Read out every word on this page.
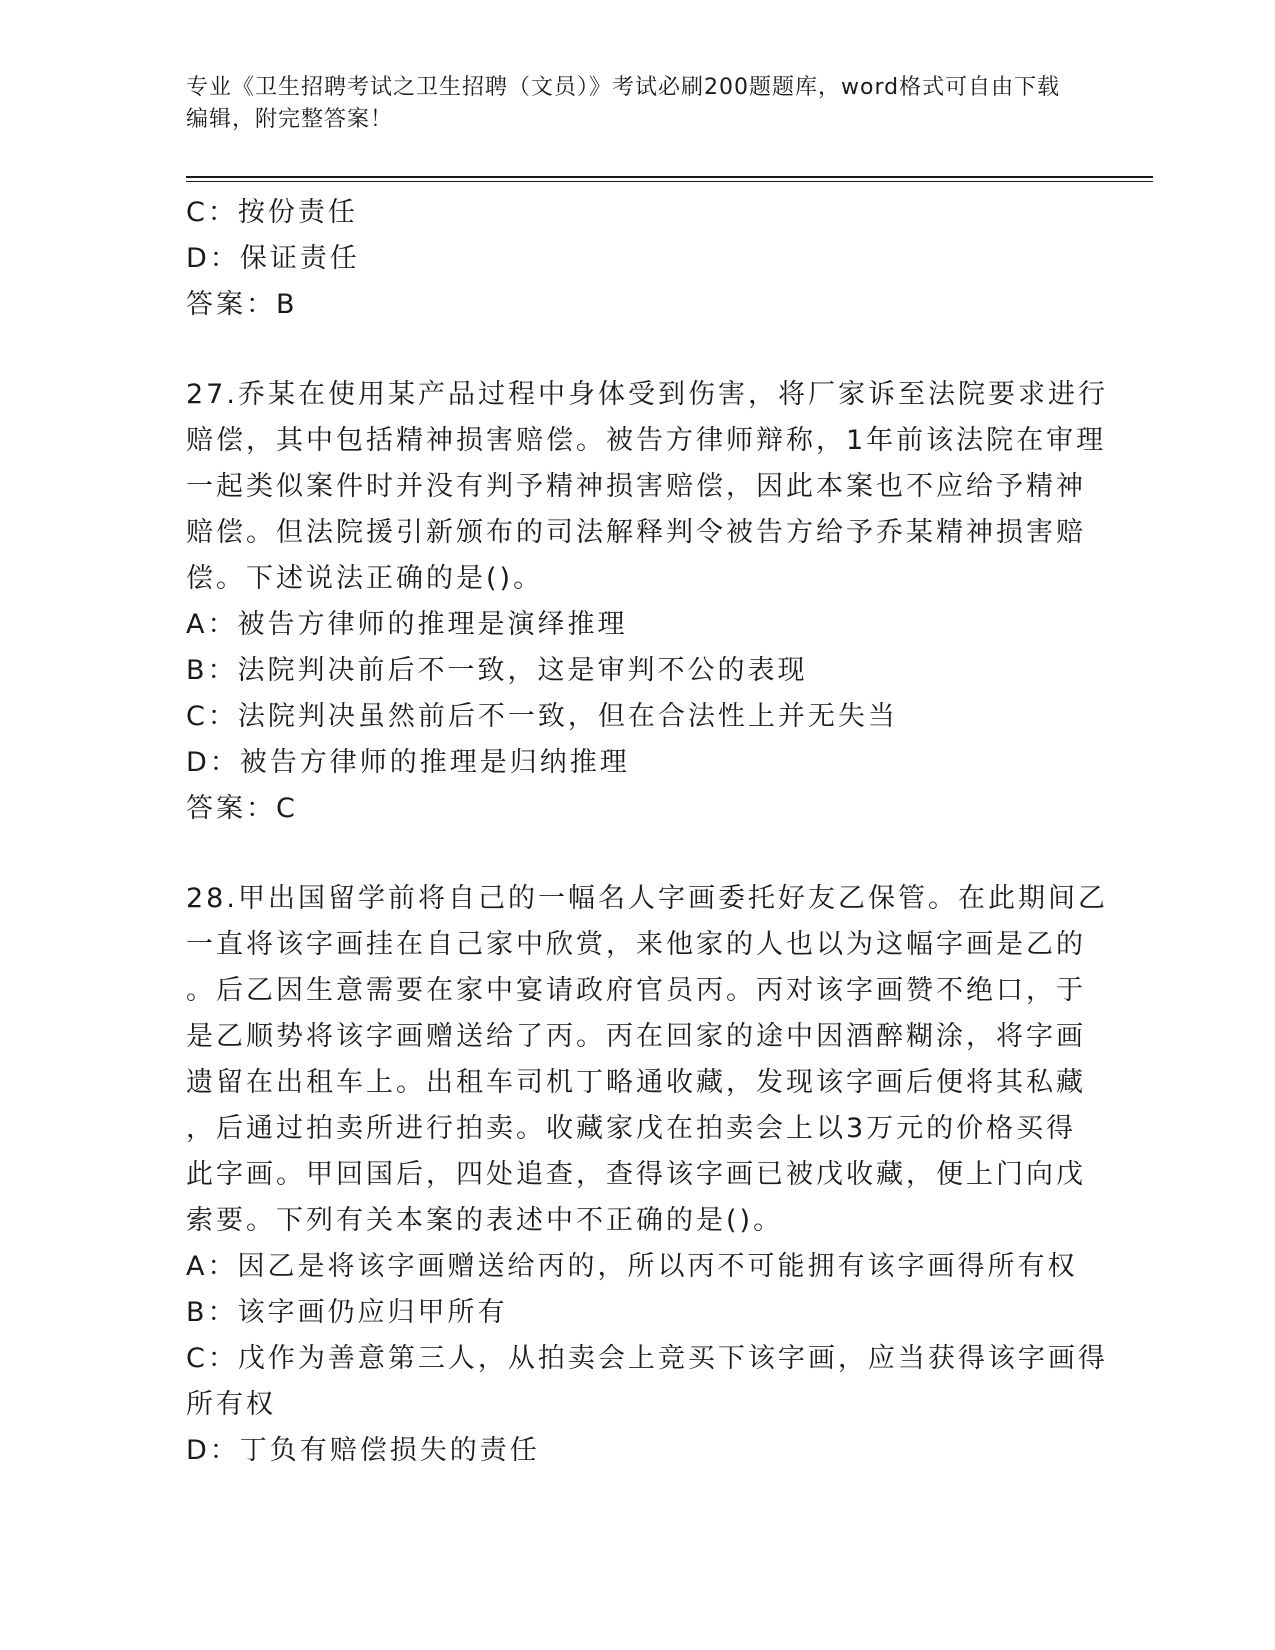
专业《卫生招聘考试之卫生招聘（文员）》考试必刷200题题库，word格式可自由下载编辑，附完整答案！
C：按份责任
D：保证责任
答案：B
27.乔某在使用某产品过程中身体受到伤害，将厂家诉至法院要求进行
赔偿，其中包括精神损害赔偿。被告方律师辩称，1年前该法院在审理
一起类似案件时并没有判予精神损害赔偿，因此本案也不应给予精神
赔偿。但法院援引新颁布的司法解释判令被告方给予乔某精神损害赔
偿。下述说法正确的是()。
A：被告方律师的推理是演绎推理
B：法院判决前后不一致，这是审判不公的表现
C：法院判决虽然前后不一致，但在合法性上并无失当
D：被告方律师的推理是归纳推理
答案：C
28.甲出国留学前将自己的一幅名人字画委托好友乙保管。在此期间乙
一直将该字画挂在自己家中欣赏，来他家的人也以为这幅字画是乙的
。后乙因生意需要在家中宴请政府官员丙。丙对该字画赞不绝口，于
是乙顺势将该字画赠送给了丙。丙在回家的途中因酒醉糊涂，将字画
遗留在出租车上。出租车司机丁略通收藏，发现该字画后便将其私藏
，后通过拍卖所进行拍卖。收藏家戊在拍卖会上以3万元的价格买得
此字画。甲回国后，四处追查，查得该字画已被戊收藏，便上门向戊
索要。下列有关本案的表述中不正确的是()。
A：因乙是将该字画赠送给丙的，所以丙不可能拥有该字画得所有权
B：该字画仍应归甲所有
C：戊作为善意第三人，从拍卖会上竞买下该字画，应当获得该字画得
所有权
D：丁负有赔偿损失的责任
